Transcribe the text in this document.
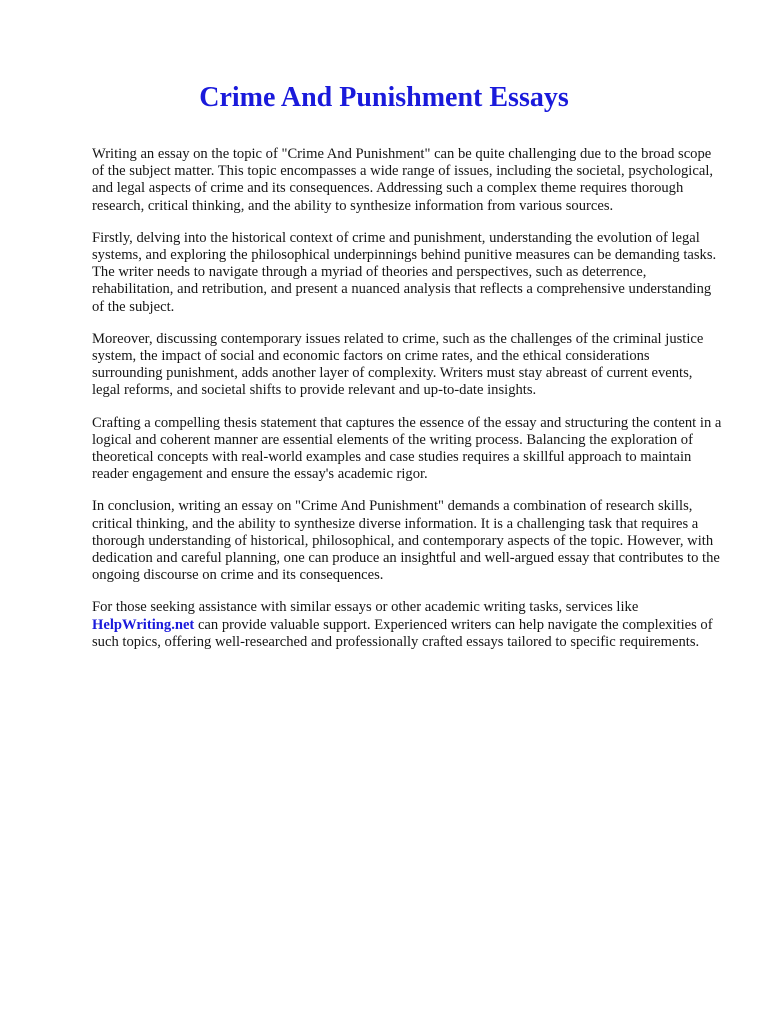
Crime And Punishment Essays

Writing an essay on the topic of "Crime And Punishment" can be quite challenging due to the broad scope of the subject matter. This topic encompasses a wide range of issues, including the societal, psychological, and legal aspects of crime and its consequences. Addressing such a complex theme requires thorough research, critical thinking, and the ability to synthesize information from various sources.

Firstly, delving into the historical context of crime and punishment, understanding the evolution of legal systems, and exploring the philosophical underpinnings behind punitive measures can be demanding tasks. The writer needs to navigate through a myriad of theories and perspectives, such as deterrence, rehabilitation, and retribution, and present a nuanced analysis that reflects a comprehensive understanding of the subject.

Moreover, discussing contemporary issues related to crime, such as the challenges of the criminal justice system, the impact of social and economic factors on crime rates, and the ethical considerations surrounding punishment, adds another layer of complexity. Writers must stay abreast of current events, legal reforms, and societal shifts to provide relevant and up-to-date insights.

Crafting a compelling thesis statement that captures the essence of the essay and structuring the content in a logical and coherent manner are essential elements of the writing process. Balancing the exploration of theoretical concepts with real-world examples and case studies requires a skillful approach to maintain reader engagement and ensure the essay's academic rigor.

In conclusion, writing an essay on "Crime And Punishment" demands a combination of research skills, critical thinking, and the ability to synthesize diverse information. It is a challenging task that requires a thorough understanding of historical, philosophical, and contemporary aspects of the topic. However, with dedication and careful planning, one can produce an insightful and well-argued essay that contributes to the ongoing discourse on crime and its consequences.

For those seeking assistance with similar essays or other academic writing tasks, services like HelpWriting.net can provide valuable support. Experienced writers can help navigate the complexities of such topics, offering well-researched and professionally crafted essays tailored to specific requirements.
